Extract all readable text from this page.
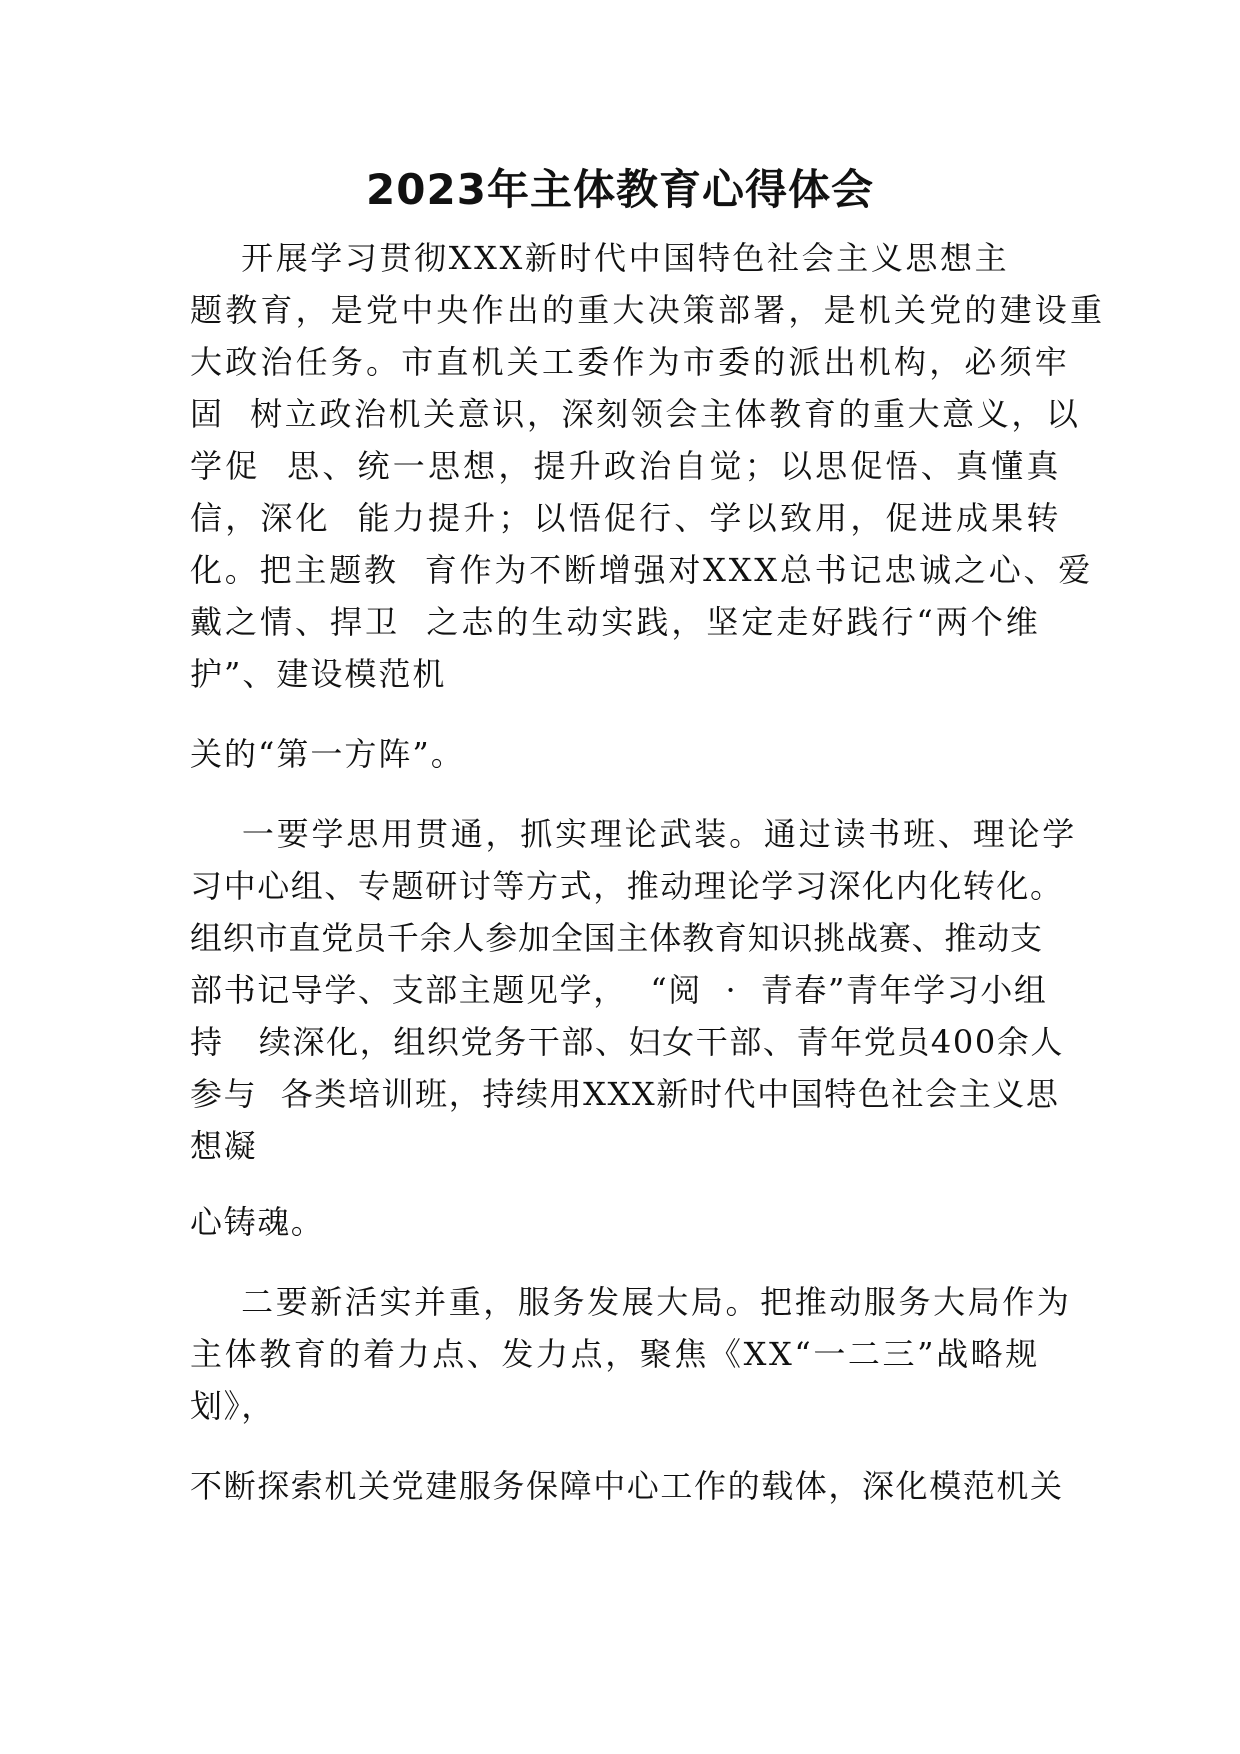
2023年主体教育心得体会

开展学习贯彻XXX新时代中国特色社会主义思想主

题教育，是党中央作出的重大决策部署，是机关党的建设重

大政治任务。市直机关工委作为市委的派出机构，必须牢

固  树立政治机关意识，深刻领会主体教育的重大意义，以

学促  思、统一思想，提升政治自觉；以思促悟、真懂真

信，深化  能力提升；以悟促行、学以致用，促进成果转

化。把主题教  育作为不断增强对XXX总书记忠诚之心、爱

戴之情、捍卫  之志的生动实践，坚定走好践行“两个维

护”、建设模范机

关的“第一方阵”。

一要学思用贯通，抓实理论武装。通过读书班、理论学

习中心组、专题研讨等方式，推动理论学习深化内化转化。

组织市直党员千余人参加全国主体教育知识挑战赛、推动支

部书记导学、支部主题见学，  “阅  ·  青春”青年学习小组

持   续深化，组织党务干部、妇女干部、青年党员400余人

参与  各类培训班，持续用XXX新时代中国特色社会主义思

想凝

心铸魂。

二要新活实并重，服务发展大局。把推动服务大局作为

主体教育的着力点、发力点，聚焦《XX“一二三”战略规

划》，

不断探索机关党建服务保障中心工作的载体，深化模范机关
